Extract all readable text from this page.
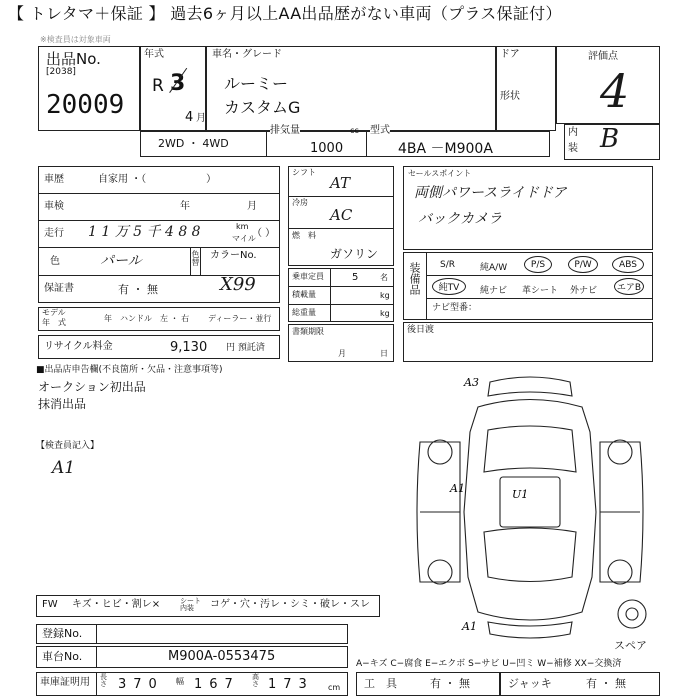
【 トレタマ＋保証 】 過去6ヶ月以上AA出品歴がない車両（プラス保証付）
※検査員は対象車両
出品No.
[2038]
20009
年式
R 3
4 月
車名・グレード
ルーミー
カスタムG
ドア
形状
評価点
4
内
装 B
2WD ・ 4WD
排気量	cc
1000
型式
4BA －M900A
車歴	自家用 ・（　　　　　　）
車検	年	月
走行 1 1 万 5 千 4 8 8	km
マイル
（ ）
色	パール	色替 カラーNo.
保証書	有 ・ 無	X99
モデル
年　式	年 ハンドル 左 ・ 右 ディーラー・並行
リサイクル料金	9,130 円 預託済
シフト
AT
冷房
AC
燃　料
ガソリン
乗車定員	5	名
積載量	kg
総重量	kg
書類期限
月	日
セールスポイント
両側パワースライドドア
バックカメラ
装備品 S/R	純A/W	P/S	P/W	ABS
純TV	純ナビ 革シート 外ナビ	エアB
ナビ型番：
後日渡
■出品店申告欄(不良箇所・欠品・注意事項等)
オークション初出品
抹消出品
【検査員記入】
A1
A3
A1	U1
A1
スペア
FW キズ・ヒビ・割レ×	シート内装	コゲ・穴・汚レ・シミ・破レ・スレ
登録No.
車台No.	M900A-0553475	A−キズ C−腐食 E−エクボ S−サビ U−凹ミ W−補修 XX−交換済
車庫証明用 長さ 370 幅 167 高さ 173 cm 工　具	有 ・ 無	ジャッキ	有 ・ 無
